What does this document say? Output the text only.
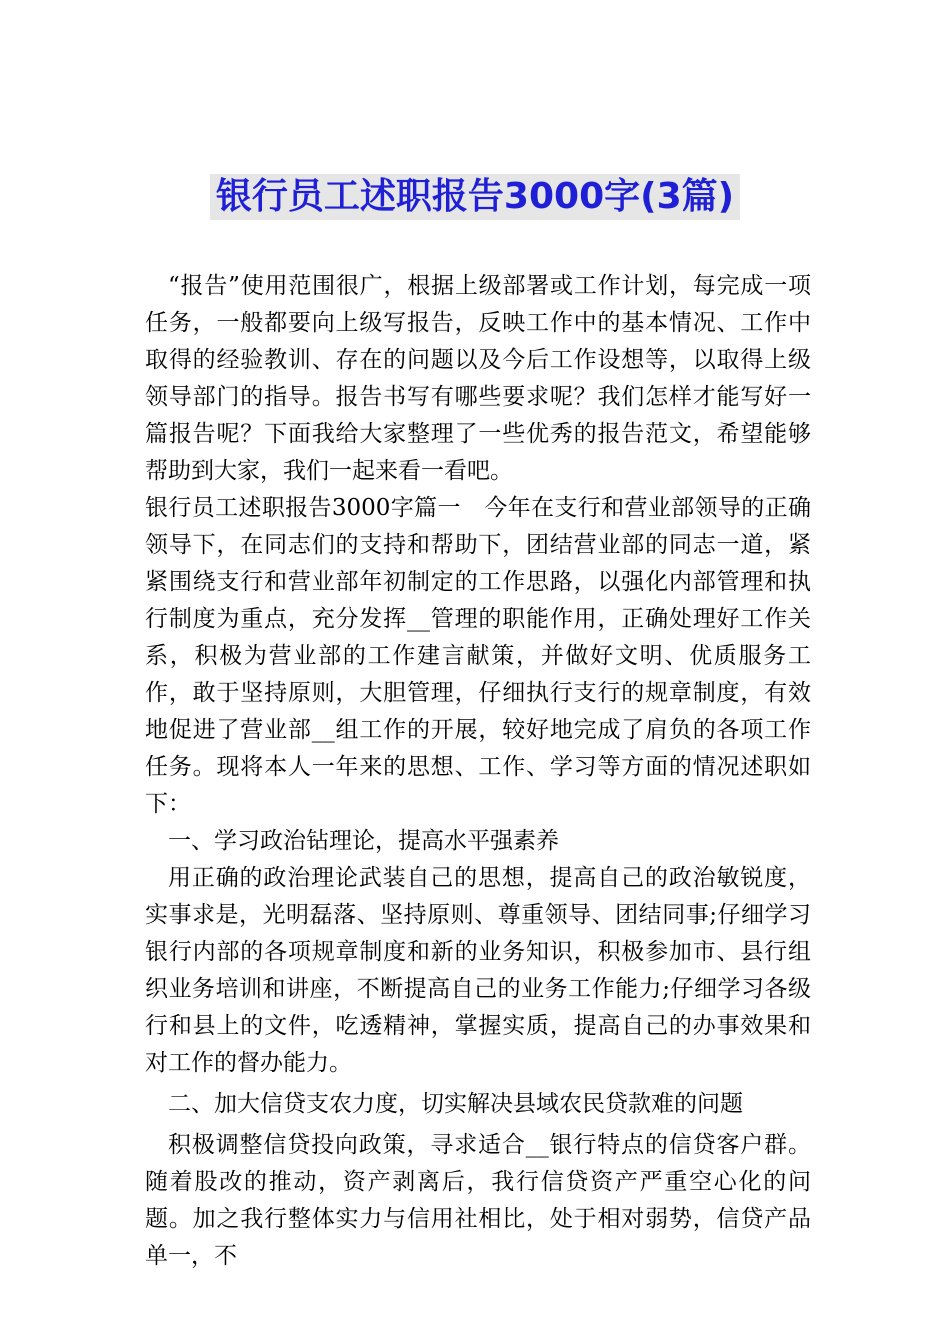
银行员工述职报告3000字(3篇)

“报告”使用范围很广，根据上级部署或工作计划，每完成一项任务，一般都要向上级写报告，反映工作中的基本情况、工作中取得的经验教训、存在的问题以及今后工作设想等，以取得上级领导部门的指导。报告书写有哪些要求呢？我们怎样才能写好一篇报告呢？下面我给大家整理了一些优秀的报告范文，希望能够帮助到大家，我们一起来看一看吧。

银行员工述职报告3000字篇一　今年在支行和营业部领导的正确领导下，在同志们的支持和帮助下，团结营业部的同志一道，紧紧围绕支行和营业部年初制定的工作思路，以强化内部管理和执行制度为重点，充分发挥__管理的职能作用，正确处理好工作关系，积极为营业部的工作建言献策，并做好文明、优质服务工作，敢于坚持原则，大胆管理，仔细执行支行的规章制度，有效地促进了营业部__组工作的开展，较好地完成了肩负的各项工作任务。现将本人一年来的思想、工作、学习等方面的情况述职如下：

一、学习政治钻理论，提高水平强素养

用正确的政治理论武装自己的思想，提高自己的政治敏锐度，实事求是，光明磊落、坚持原则、尊重领导、团结同事;仔细学习银行内部的各项规章制度和新的业务知识，积极参加市、县行组织业务培训和讲座，不断提高自己的业务工作能力;仔细学习各级行和县上的文件，吃透精神，掌握实质，提高自己的办事效果和对工作的督办能力。

二、加大信贷支农力度，切实解决县域农民贷款难的问题

积极调整信贷投向政策，寻求适合__银行特点的信贷客户群。随着股改的推动，资产剥离后，我行信贷资产严重空心化的问题。加之我行整体实力与信用社相比，处于相对弱势，信贷产品单一，不
